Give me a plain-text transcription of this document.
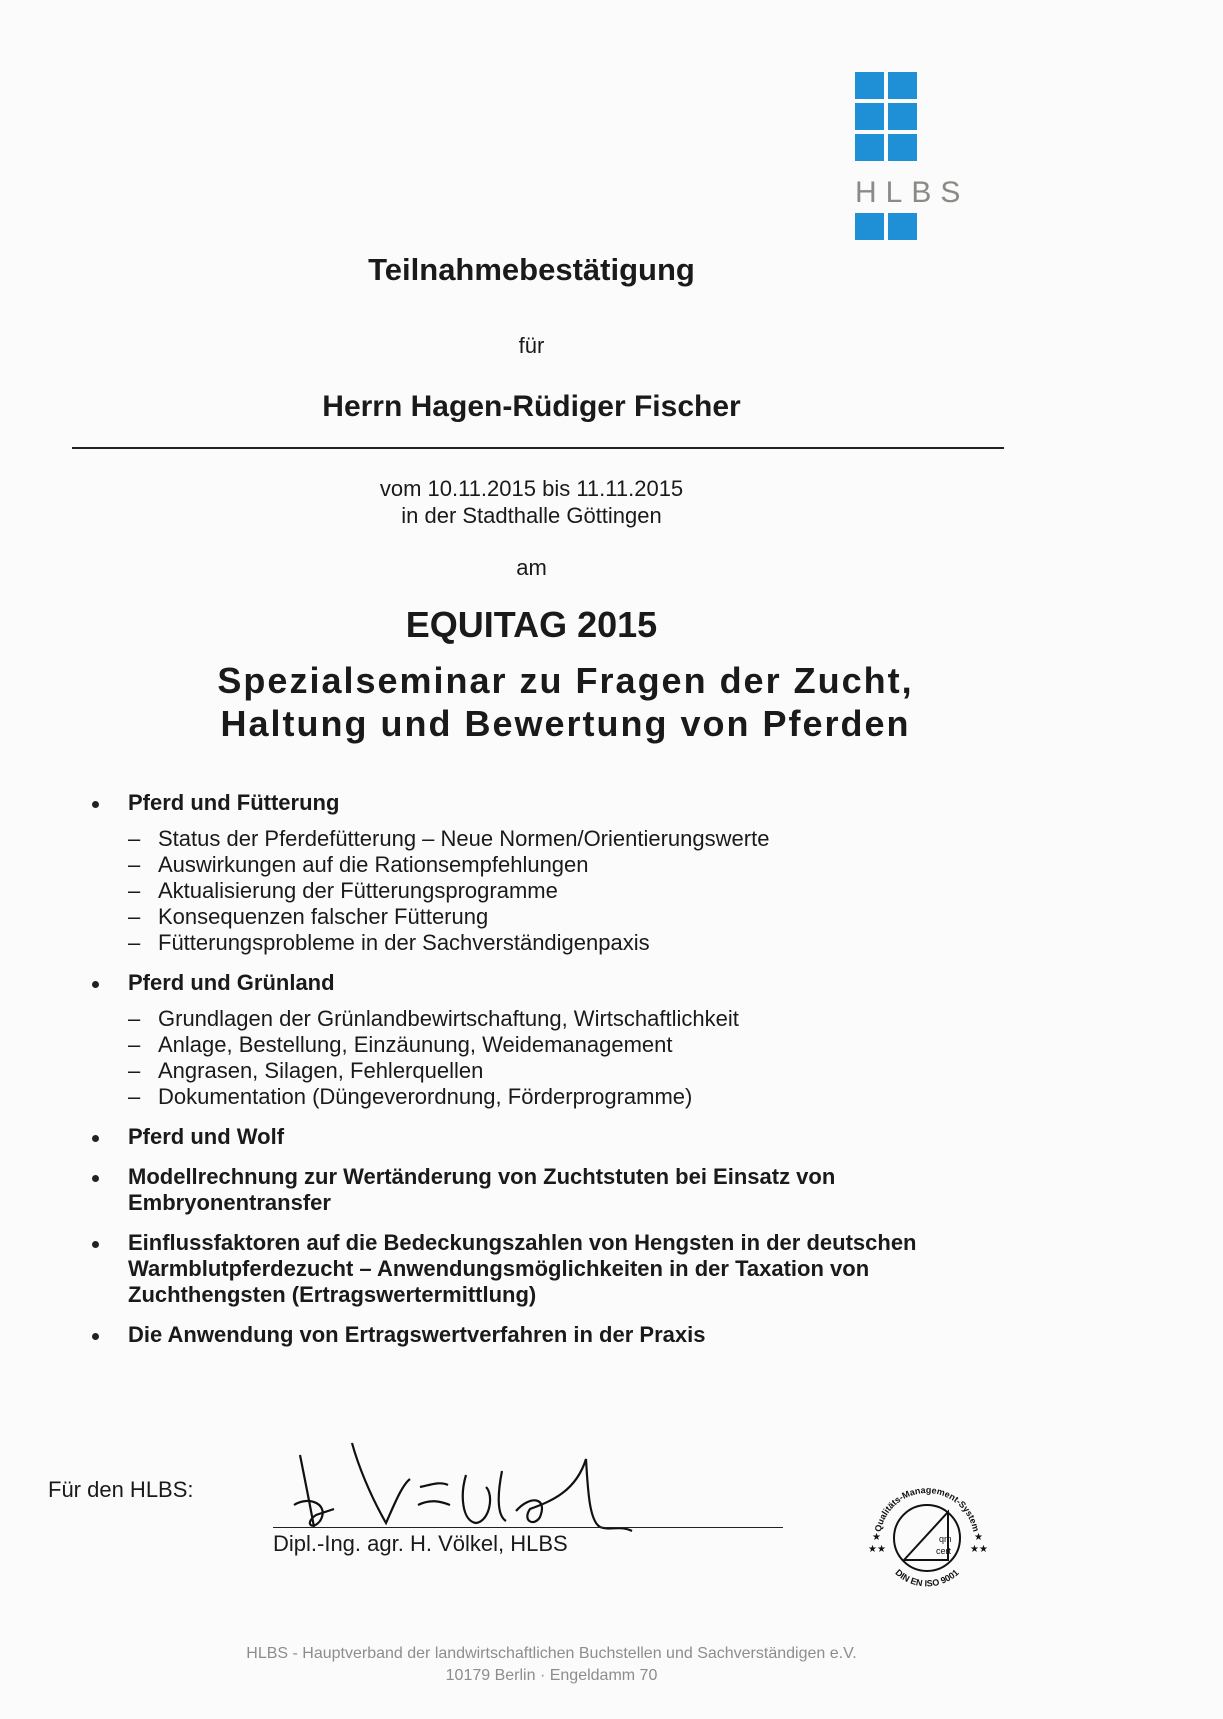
HLBS
Teilnahmebestätigung
für
Herrn Hagen-Rüdiger Fischer
vom 10.11.2015 bis 11.11.2015
in der Stadthalle Göttingen
am
EQUITAG 2015
Spezialseminar zu Fragen der Zucht,
Haltung und Bewertung von Pferden
Pferd und Fütterung
– Status der Pferdefütterung – Neue Normen/Orientierungswerte
– Auswirkungen auf die Rationsempfehlungen
– Aktualisierung der Fütterungsprogramme
– Konsequenzen falscher Fütterung
– Fütterungsprobleme in der Sachverständigenpaxis
Pferd und Grünland
– Grundlagen der Grünlandbewirtschaftung, Wirtschaftlichkeit
– Anlage, Bestellung, Einzäunung, Weidemanagement
– Angrasen, Silagen, Fehlerquellen
– Dokumentation (Düngeverordnung, Förderprogramme)
Pferd und Wolf
Modellrechnung zur Wertänderung von Zuchtstuten bei Einsatz von Embryonentransfer
Einflussfaktoren auf die Bedeckungszahlen von Hengsten in der deutschen Warmblutpferdezucht – Anwendungsmöglichkeiten in der Taxation von Zuchthengsten (Ertragswertermittlung)
Die Anwendung von Ertragswertverfahren in der Praxis
Für den HLBS:
Dipl.-Ing. agr. H. Völkel, HLBS
Qualitäts-Management-System
DIN EN ISO 9001
qm
cert
★
★★
★
★★
HLBS - Hauptverband der landwirtschaftlichen Buchstellen und Sachverständigen e.V.
10179 Berlin · Engeldamm 70
